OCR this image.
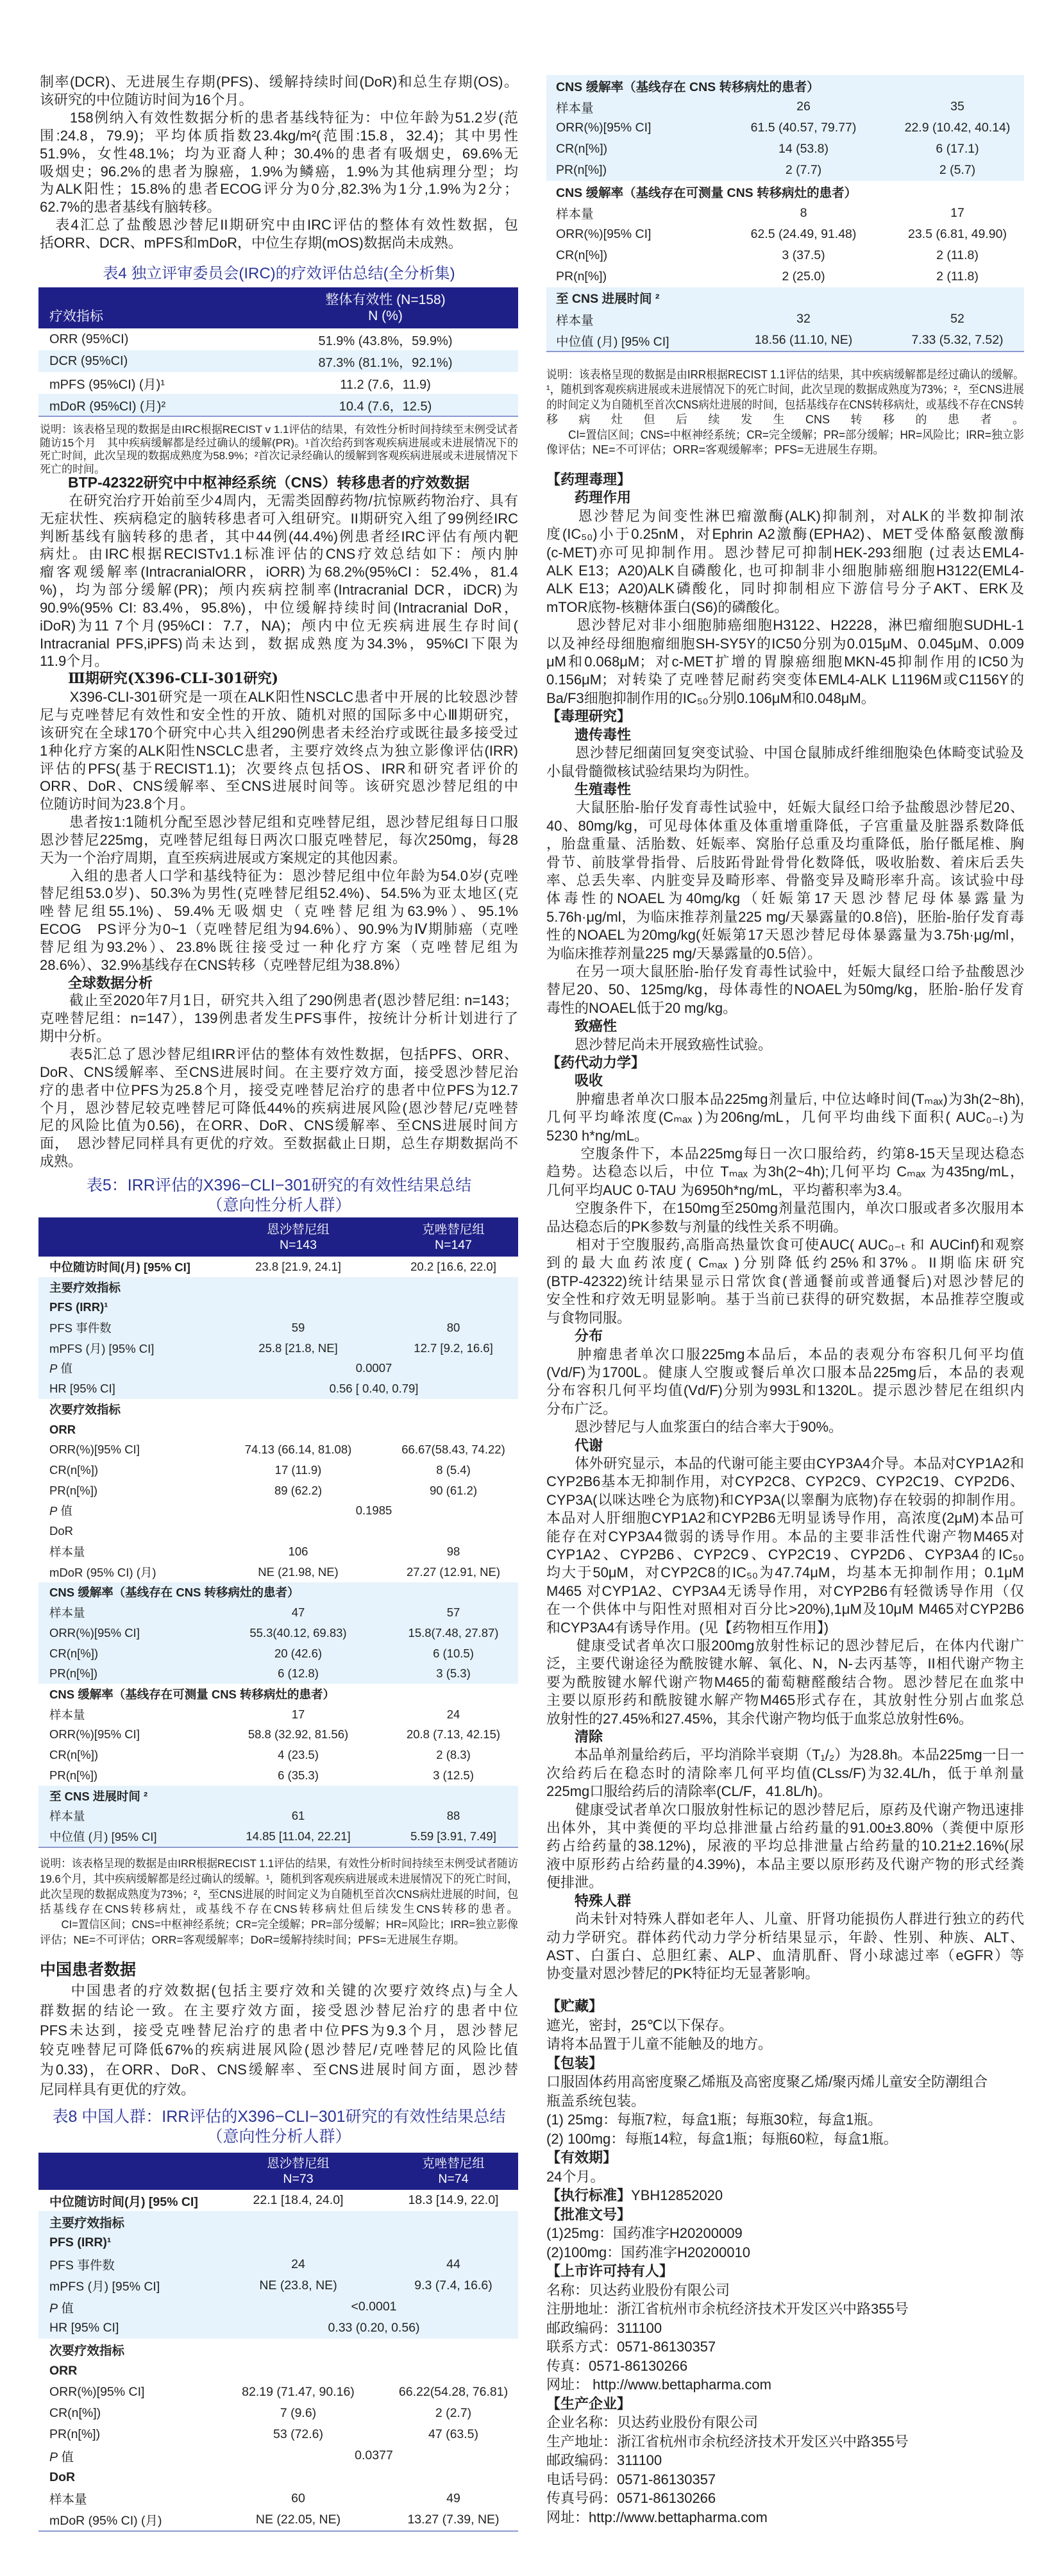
制率(DCR)、无进展生存期(PFS)、缓解持续时间(DoR)和总生存期(OS)。
该研究的中位随访时间为16个月。
　　158例纳入有效性数据分析的患者基线特征为：中位年龄为51.2岁(范
围:24.8，79.9)；平均体质指数23.4kg/m²(范围:15.8，32.4)；其中男性
51.9%，女性48.1%；均为亚裔人种；30.4%的患者有吸烟史，69.6%无
吸烟史；96.2%的患者为腺癌，1.9%为鳞癌，1.9%为其他病理分型；均
为ALK阳性；15.8%的患者ECOG评分为0分,82.3%为1分,1.9%为2分；
62.7%的患者基线有脑转移。
　表4汇总了盐酸恩沙替尼II期研究中由IRC评估的整体有效性数据，包
括ORR、DCR、mPFS和mDoR，中位生存期(mOS)数据尚未成熟。
表4 独立评审委员会(IRC)的疗效评估总结(全分析集)
疗效指标
整体有效性 (N=158)
N (%)
ORR (95%CI)	51.9% (43.8%，59.9%)
DCR (95%CI)	87.3% (81.1%，92.1%)
mPFS (95%CI) (月)¹	11.2 (7.6，11.9)
mDoR (95%CI) (月)²	10.4 (7.6，12.5)
说明：该表格呈现的数据是由IRC根据RECIST v 1.1评估的结果，有效性分析时间持续至末例受试者
随访15个月　其中疾病缓解都是经过确认的缓解(PR)。¹首次给药到客观疾病进展或未进展情况下的
死亡时间，此次呈现的数据成熟度为58.9%；²首次记录经确认的缓解到客观疾病进展或未进展情况下
死亡的时间。
BTP-42322研究中中枢神经系统（CNS）转移患者的疗效数据
　　在研究治疗开始前至少4周内，无需类固醇药物/抗惊厥药物治疗、具有
无症状性、疾病稳定的脑转移患者可入组研究。II期研究入组了99例经IRC
判断基线有脑转移的患者，其中44例(44.4%)例患者经IRC评估有颅内靶
病灶。由IRC根据RECISTv1.1标准评估的CNS疗效总结如下：颅内肿
瘤客观缓解率(IntracranialORR，iORR)为68.2%(95%CI：52.4%，81.4
%)，均为部分缓解(PR)；颅内疾病控制率(Intracranial DCR，iDCR)为
90.9%(95% CI: 83.4%，95.8%)，中位缓解持续时间(Intracranial DoR，
iDoR)为11 7个月(95%CI：7.7，NA)；颅内中位无疾病进展生存时间(
Intracranial PFS,iPFS)尚未达到，数据成熟度为34.3%，95%CI下限为
11.9个月。
Ⅲ期研究(X396-CLI-301研究)
　　X396-CLI-301研究是一项在ALK阳性NSCLC患者中开展的比较恩沙替
尼与克唑替尼有效性和安全性的开放、随机对照的国际多中心Ⅲ期研究，
该研究在全球170个研究中心共入组290例患者未经治疗或既往最多接受过
1种化疗方案的ALK阳性NSCLC患者，主要疗效终点为独立影像评估(IRR)
评估的PFS(基于RECIST1.1)；次要终点包括OS、IRR和研究者评价的
ORR、DoR、CNS缓解率、至CNS进展时间等。该研究恩沙替尼组的中
位随访时间为23.8个月。
　　患者按1:1随机分配至恩沙替尼组和克唑替尼组，恩沙替尼组每日口服
恩沙替尼225mg，克唑替尼组每日两次口服克唑替尼，每次250mg，每28
天为一个治疗周期，直至疾病进展或方案规定的其他因素。
　　入组的患者人口学和基线特征为：恩沙替尼组中位年龄为54.0岁(克唑
替尼组53.0岁)、50.3%为男性(克唑替尼组52.4%)、54.5%为亚太地区(克
唑替尼组55.1%)、59.4%无吸烟史（克唑替尼组为63.9%）、95.1%
ECOG　PS评分为0~1（克唑替尼组为94.6%）、90.9%为Ⅳ期肺癌（克唑
替尼组为93.2%）、23.8%既往接受过一种化疗方案（克唑替尼组为
28.6%）、32.9%基线存在CNS转移（克唑替尼组为38.8%）
全球数据分析
　　截止至2020年7月1日，研究共入组了290例患者(恩沙替尼组: n=143；
克唑替尼组：n=147），139例患者发生PFS事件，按统计分析计划进行了
期中分析。
　　表5汇总了恩沙替尼组IRR评估的整体有效性数据，包括PFS、ORR、
DoR、CNS缓解率、至CNS进展时间。在主要疗效方面，接受恩沙替尼治
疗的患者中位PFS为25.8个月，接受克唑替尼治疗的患者中位PFS为12.7
个月，恩沙替尼较克唑替尼可降低44%的疾病进展风险(恩沙替尼/克唑替
尼的风险比值为0.56)，在ORR、DoR、CNS缓解率、至CNS进展时间方
面，　恩沙替尼同样具有更优的疗效。至数据截止日期，总生存期数据尚不
成熟。
表5：IRR评估的X396−CLI−301研究的有效性结果总结
（意向性分析人群）
恩沙替尼组
N=143
克唑替尼组
N=147
中位随访时间(月) [95% CI]	23.8 [21.9, 24.1]	20.2 [16.6, 22.0]
主要疗效指标
PFS (IRR)¹
PFS 事件数	59	80
mPFS (月) [95% CI]	25.8 [21.8, NE]	12.7 [9.2, 16.6]
P 值	0.0007
HR [95% CI]	0.56 [ 0.40, 0.79]
次要疗效指标
ORR
ORR(%)[95% CI]	74.13 (66.14, 81.08)	66.67(58.43, 74.22)
CR(n[%])	17 (11.9)	8 (5.4)
PR(n[%])	89 (62.2)	90 (61.2)
P 值	0.1985
DoR
样本量	106	98
mDoR (95% CI) (月)	NE (21.98, NE)	27.27 (12.91, NE)
CNS 缓解率（基线存在 CNS 转移病灶的患者）
样本量	47	57
ORR(%)[95% CI]	55.3(40.12, 69.83)	15.8(7.48, 27.87)
CR(n[%])	20 (42.6)	6 (10.5)
PR(n[%])	6 (12.8)	3 (5.3)
CNS 缓解率（基线存在可测量 CNS 转移病灶的患者）
样本量	17	24
ORR(%)[95% CI]	58.8 (32.92, 81.56)	20.8 (7.13, 42.15)
CR(n[%])	4 (23.5)	2 (8.3)
PR(n[%])	6 (35.3)	3 (12.5)
至 CNS 进展时间 ²
样本量	61	88
中位值 (月) [95% CI]	14.85 [11.04, 22.21]	5.59 [3.91, 7.49]
说明：该表格呈现的数据是由IRR根据RECIST 1.1评估的结果，有效性分析时间持续至末例受试者随访
19.6个月，其中疾病缓解都是经过确认的缓解。¹，随机到客观疾病进展或未进展情况下的死亡时间，
此次呈现的数据成熟度为73%；²，至CNS进展的时间定义为自随机至首次CNS病灶进展的时间，包
括基线存在CNS转移病灶，或基线不存在CNS转移病灶但后续发生CNS转移的患者。
　　CI=置信区间；CNS=中枢神经系统；CR=完全缓解；PR=部分缓解；HR=风险比；IRR=独立影像
评估；NE=不可评估；ORR=客观缓解率；DoR=缓解持续时间；PFS=无进展生存期。
中国患者数据
　　中国患者的疗效数据(包括主要疗效和关键的次要疗效终点)与全人
群数据的结论一致。在主要疗效方面，接受恩沙替尼治疗的患者中位
PFS未达到，接受克唑替尼治疗的患者中位PFS为9.3个月，恩沙替尼
较克唑替尼可降低67%的疾病进展风险(恩沙替尼/克唑替尼的风险比值
为0.33)，在ORR、DoR、CNS缓解率、至CNS进展时间方面，恩沙替
尼同样具有更优的疗效。
表8 中国人群：IRR评估的X396−CLI−301研究的有效性结果总结
（意向性分析人群）
恩沙替尼组
N=73
克唑替尼组
N=74
中位随访时间(月) [95% CI]	22.1 [18.4, 24.0]	18.3 [14.9, 22.0]
主要疗效指标
PFS (IRR)¹
PFS 事件数	24	44
mPFS (月) [95% CI]	NE (23.8, NE)	9.3 (7.4, 16.6)
P 值	<0.0001
HR [95% CI]	0.33 (0.20, 0.56)
次要疗效指标
ORR
ORR(%)[95% CI]	82.19 (71.47, 90.16)	66.22(54.28, 76.81)
CR(n[%])	7 (9.6)	2 (2.7)
PR(n[%])	53 (72.6)	47 (63.5)
P 值	0.0377
DoR
样本量	60	49
mDoR (95% CI) (月)	NE (22.05, NE)	13.27 (7.39, NE)
CNS 缓解率（基线存在 CNS 转移病灶的患者）
样本量	26	35
ORR(%)[95% CI]	61.5 (40.57, 79.77)	22.9 (10.42, 40.14)
CR(n[%])	14 (53.8)	6 (17.1)
PR(n[%])	2 (7.7)	2 (5.7)
CNS 缓解率（基线存在可测量 CNS 转移病灶的患者）
样本量	8	17
ORR(%)[95% CI]	62.5 (24.49, 91.48)	23.5 (6.81, 49.90)
CR(n[%])	3 (37.5)	2 (11.8)
PR(n[%])	2 (25.0)	2 (11.8)
至 CNS 进展时间 ²
样本量	32	52
中位值 (月) [95% CI]	18.56 (11.10, NE)	7.33 (5.32, 7.52)
说明：该表格呈现的数据是由IRR根据RECIST 1.1评估的结果，其中疾病缓解都是经过确认的缓解。
¹，随机到客观疾病进展或未进展情况下的死亡时间，此次呈现的数据成熟度为73%；²，至CNS进展
的时间定义为自随机至首次CNS病灶进展的时间，包括基线存在CNS转移病灶，或基线不存在CNS转
移病灶但后续发生CNS转移的患者。
　　CI=置信区间；CNS=中枢神经系统；CR=完全缓解；PR=部分缓解；HR=风险比；IRR=独立影
像评估；NE=不可评估；ORR=客观缓解率；PFS=无进展生存期。
【药理毒理】
药理作用
　　恩沙替尼为间变性淋巴瘤激酶(ALK)抑制剂，对ALK的半数抑制浓
度(IC₅₀)小于0.25nM，对Ephrin A2激酶(EPHA2)、MET受体酪氨酸激酶
(c-MET)亦可见抑制作用。恩沙替尼可抑制HEK-293细胞 (过表达EML4-
ALK E13；A20)ALK自磷酸化, 也可抑制非小细胞肺癌细胞H3122(EML4-
ALK E13；A20)ALK磷酸化，同时抑制相应下游信号分子AKT、ERK及
mTOR底物-核糖体蛋白(S6)的磷酸化。
　　恩沙替尼对非小细胞肺癌细胞H3122、H2228，淋巴瘤细胞SUDHL-1
以及神经母细胞瘤细胞SH-SY5Y的IC50分别为0.015μM、0.045μM、0.009
μM和0.068μM；对c-MET扩增的胃腺癌细胞MKN-45抑制作用的IC50为
0.156μM；对转染了克唑替尼耐药突变体EML4-ALK L1196M或C1156Y的
Ba/F3细胞抑制作用的IC₅₀分别0.106μM和0.048μM。
【毒理研究】
遗传毒性
　　恩沙替尼细菌回复突变试验、中国仓鼠肺成纤维细胞染色体畸变试验及
小鼠骨髓微核试验结果均为阴性。
生殖毒性
　　大鼠胚胎-胎仔发育毒性试验中，妊娠大鼠经口给予盐酸恩沙替尼20、
40、80mg/kg，可见母体体重及体重增重降低，子宫重量及脏器系数降低
，胎盘重量、活胎数、妊娠率、窝胎仔总重及均重降低，胎仔骶尾椎、胸
骨节、前肢掌骨指骨、后肢跖骨趾骨骨化数降低，吸收胎数、着床后丢失
率、总丢失率、内脏变异及畸形率、骨骼变异及畸形率升高。该试验中母
体毒性的NOAEL为40mg/kg（妊娠第17天恩沙替尼母体暴露量为
5.76h·μg/ml，为临床推荐剂量225 mg/天暴露量的0.8倍)，胚胎-胎仔发育毒
性的NOAEL为20mg/kg(妊娠第17天恩沙替尼母体暴露量为3.75h·μg/ml，
为临床推荐剂量225 mg/天暴露量的0.5倍）。
　　在另一项大鼠胚胎-胎仔发育毒性试验中，妊娠大鼠经口给予盐酸恩沙
替尼20、50、125mg/kg，母体毒性的NOAEL为50mg/kg，胚胎-胎仔发育
毒性的NOAEL低于20 mg/kg。
致癌性
　　恩沙替尼尚未开展致癌性试验。
【药代动力学】
吸收
　　肿瘤患者单次口服本品225mg剂量后, 中位达峰时间(Tₘₐₓ)为3h(2~8h),
几何平均峰浓度(Cₘₐₓ )为206ng/mL，几何平均曲线下面积( AUC₀₋ₜ)为
5230 h*ng/mL。
　　 空腹条件下，本品225mg每日一次口服给药，约第8-15天呈现达稳态
趋势。达稳态以后，中位 Tₘₐₓ 为3h(2~4h);几何平均 Cₘₐₓ 为435ng/mL，
几何平均AUC 0-TAU 为6950h*ng/mL，平均蓄积率为3.4。
　　空腹条件下，在150mg至250mg剂量范围内，单次口服或者多次服用本
品达稳态后的PK参数与剂量的线性关系不明确。
　　相对于空腹服药,高脂高热量饮食可使AUC( AUC₀₋ₜ 和 AUCinf)和观察
到的最大血药浓度( Cₘₐₓ )分别降低约25%和37%。II期临床研究
(BTP-42322)统计结果显示日常饮食(普通餐前或普通餐后)对恩沙替尼的
安全性和疗效无明显影响。基于当前已获得的研究数据，本品推荐空腹或
与食物同服。
分布
　　肿瘤患者单次口服225mg本品后，本品的表观分布容积几何平均值
(Vd/F)为1700L。健康人空腹或餐后单次口服本品225mg后，本品的表观
分布容积几何平均值(Vd/F)分别为993L和1320L。提示恩沙替尼在组织内
分布广泛。
　　恩沙替尼与人血浆蛋白的结合率大于90%。
代谢
　　体外研究显示，本品的代谢可能主要由CYP3A4介导。本品对CYP1A2和
CYP2B6基本无抑制作用，对CYP2C8、CYP2C9、CYP2C19、CYP2D6、
CYP3A(以咪达唑仑为底物)和CYP3A(以睾酮为底物)存在较弱的抑制作用。
本品对人肝细胞CYP1A2和CYP2B6无明显诱导作用，高浓度(2μM)本品可
能存在对CYP3A4微弱的诱导作用。本品的主要非活性代谢产物M465对
CYP1A2、CYP2B6、CYP2C9、CYP2C19、CYP2D6、CYP3A4的IC₅₀
均大于50μM，对CYP2C8的IC₅₀为47.74μM，均基本无抑制作用；0.1μM
M465 对CYP1A2、CYP3A4无诱导作用，对CYP2B6有轻微诱导作用（仅
在一个供体中与阳性对照相对百分比>20%),1μM及10μM M465对CYP2B6
和CYP3A4有诱导作用。(见【药物相互作用】)
　　健康受试者单次口服200mg放射性标记的恩沙替尼后，在体内代谢广
泛，主要代谢途径为酰胺键水解、氧化、N，N-去丙基等，II相代谢产物主
要为酰胺键水解代谢产物M465的葡萄糖醛酸结合物。恩沙替尼在血浆中
主要以原形药和酰胺键水解产物M465形式存在，其放射性分别占血浆总
放射性的27.45%和27.45%，其余代谢产物均低于血浆总放射性6%。
清除
　　本品单剂量给药后，平均消除半衰期（T₁/₂）为28.8h。本品225mg一日一
次给药后在稳态时的清除率几何平均值(CLss/F)为32.4L/h，低于单剂量
225mg口服给药后的清除率(CL/F，41.8L/h)。
　　健康受试者单次口服放射性标记的恩沙替尼后，原药及代谢产物迅速排
出体外，其中粪便的平均总排泄量占给药量的91.00±3.80%（粪便中原形
药占给药量的38.12%)，尿液的平均总排泄量占给药量的10.21±2.16%(尿
液中原形药占给药量的4.39%)，本品主要以原形药及代谢产物的形式经粪
便排泄。
特殊人群
　　尚未针对特殊人群如老年人、儿童、肝肾功能损伤人群进行独立的药代
动力学研究。群体药代动力学分析结果显示，年龄、性别、种族、ALT、
AST、白蛋白、总胆红素、ALP、血清肌酐、肾小球滤过率（eGFR）等
协变量对恩沙替尼的PK特征均无显著影响。
【贮藏】
遮光，密封，25℃以下保存。
请将本品置于儿童不能触及的地方。
【包装】
口服固体药用高密度聚乙烯瓶及高密度聚乙烯/聚丙烯儿童安全防潮组合
瓶盖系统包装。
(1) 25mg：每瓶7粒，每盒1瓶；每瓶30粒，每盒1瓶。
(2) 100mg：每瓶14粒，每盒1瓶；每瓶60粒，每盒1瓶。
【有效期】
24个月。
【执行标准】YBH12852020
【批准文号】
(1)25mg：国药准字H20200009
(2)100mg：国药准字H20200010
【上市许可持有人】
名称：贝达药业股份有限公司
注册地址：浙江省杭州市余杭经济技术开发区兴中路355号
邮政编码：311100
联系方式：0571-86130357
传真：0571-86130266
网址： http://www.bettapharma.com
【生产企业】
企业名称：贝达药业股份有限公司
生产地址：浙江省杭州市余杭经济技术开发区兴中路355号
邮政编码：311100
电话号码：0571-86130357
传真号码：0571-86130266
网址：http://www.bettapharma.com
